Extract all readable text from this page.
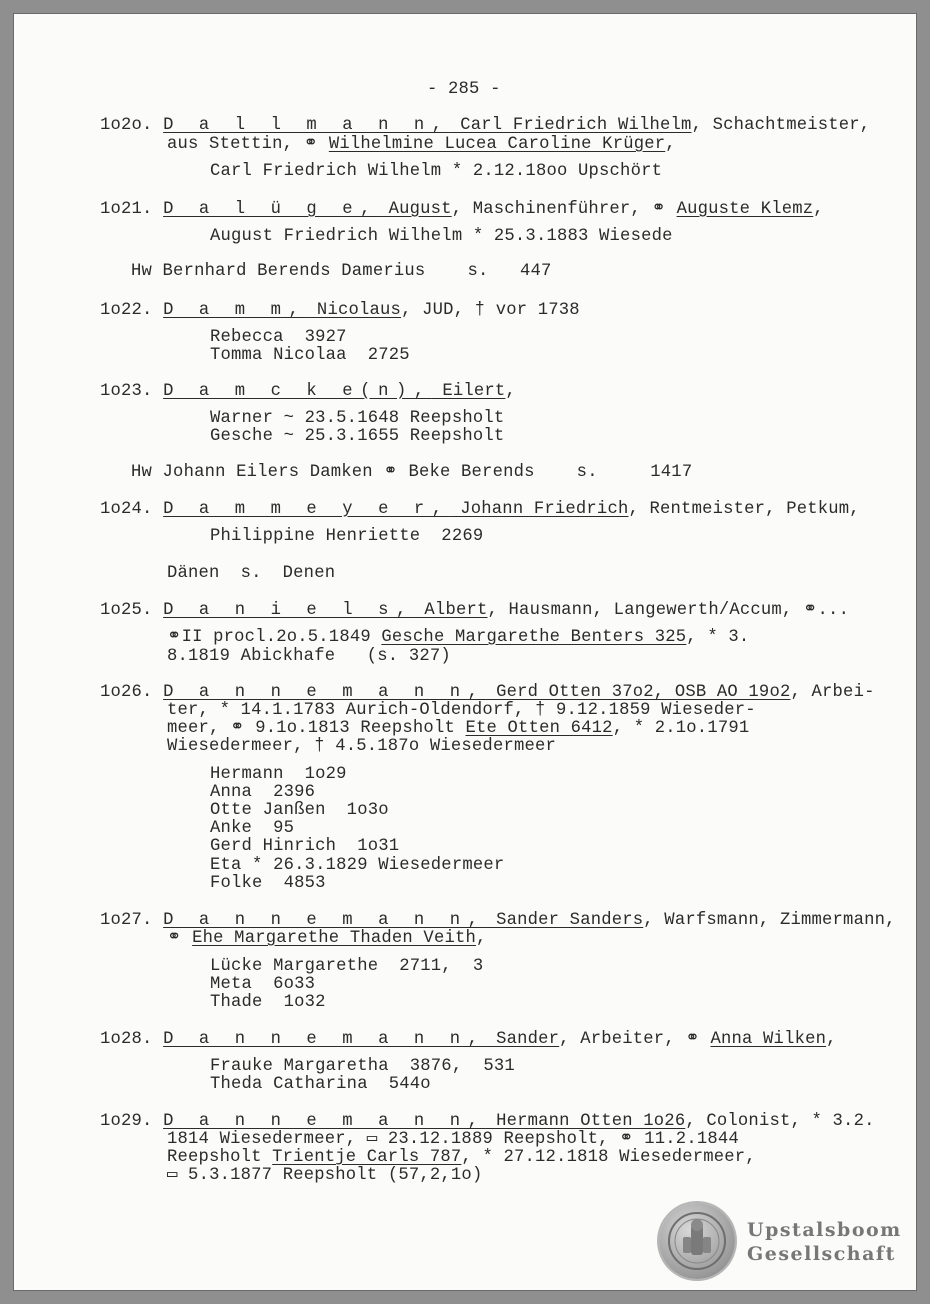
- 285 -
1o2o. D a l l m a n n, Carl Friedrich Wilhelm, Schachtmeister,
aus Stettin, ⚭ Wilhelmine Lucea Caroline Krüger,
Carl Friedrich Wilhelm * 2.12.18oo Upschört
1o21. D a l ü g e, August, Maschinenführer, ⚭ Auguste Klemz,
August Friedrich Wilhelm * 25.3.1883 Wiesede
Hw Bernhard Berends Damerius    s.   447
1o22. D a m m, Nicolaus, JUD, † vor 1738
Rebecca  3927
Tomma Nicolaa  2725
1o23. D a m c k e(n), Eilert,
Warner ~ 23.5.1648 Reepsholt
Gesche ~ 25.3.1655 Reepsholt
Hw Johann Eilers Damken ⚭ Beke Berends    s.     1417
1o24. D a m m e y e r, Johann Friedrich, Rentmeister, Petkum,
Philippine Henriette  2269
Dänen  s.  Denen
1o25. D a n i e l s, Albert, Hausmann, Langewerth/Accum, ⚭...
⚭II procl.2o.5.1849 Gesche Margarethe Benters 325, * 3.
8.1819 Abickhafe   (s. 327)
1o26. D a n n e m a n n, Gerd Otten 37o2, OSB AO 19o2, Arbei-
ter, * 14.1.1783 Aurich-Oldendorf, † 9.12.1859 Wieseder-
meer, ⚭ 9.1o.1813 Reepsholt Ete Otten 6412, * 2.1o.1791
Wiesedermeer, † 4.5.187o Wiesedermeer
Hermann  1o29
Anna  2396
Otte Janßen  1o3o
Anke  95
Gerd Hinrich  1o31
Eta * 26.3.1829 Wiesedermeer
Folke  4853
1o27. D a n n e m a n n, Sander Sanders, Warfsmann, Zimmermann,
⚭ Ehe Margarethe Thaden Veith,
Lücke Margarethe  2711,  3
Meta  6o33
Thade  1o32
1o28. D a n n e m a n n, Sander, Arbeiter, ⚭ Anna Wilken,
Frauke Margaretha  3876,  531
Theda Catharina  544o
1o29. D a n n e m a n n, Hermann Otten 1o26, Colonist, * 3.2.
1814 Wiesedermeer, ▭ 23.12.1889 Reepsholt, ⚭ 11.2.1844
Reepsholt Trientje Carls 787, * 27.12.1818 Wiesedermeer,
▭ 5.3.1877 Reepsholt (57,2,1o)
Upstalsboom
Gesellschaft
